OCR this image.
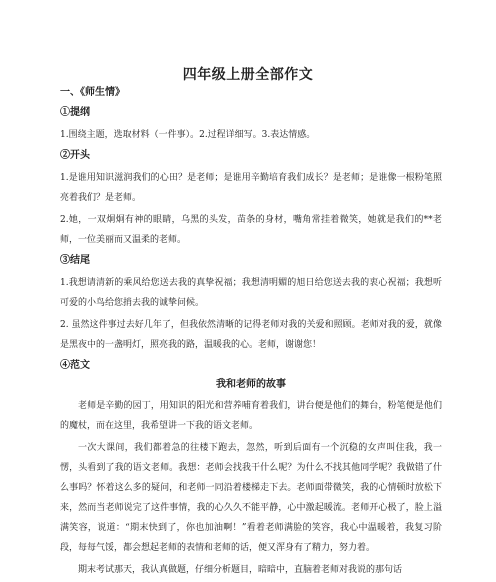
四年级上册全部作文
一、《师生情》
①提纲
1.围绕主题，选取材料（一件事）。2.过程详细写。3.表达情感。
②开头
1.是谁用知识滋润我们的心田？是老师；是谁用辛勤培育我们成长？是老师；是谁像一根粉笔照亮着我们？是老师。
2.她，一双炯炯有神的眼睛，乌黑的头发，苗条的身材，嘴角常挂着微笑，她就是我们的**老师，一位美丽而又温柔的老师。
③结尾
1.我想请清新的乘风给您送去我的真挚祝福；我想清明媚的旭日给您送去我的衷心祝福；我想听可爱的小鸟给您捎去我的诚挚问候。
2. 虽然这件事过去好几年了，但我依然清晰的记得老师对我的关爱和照顾。老师对我的爱，就像是黑夜中的一盏明灯，照亮我的路，温暖我的心。老师，谢谢您！
④范文
我和老师的故事
老师是辛勤的园丁，用知识的阳光和营养哺育着我们，讲台便是他们的舞台，粉笔便是他们的魔杖，而在这里，我希望讲一下我的语文老师。
一次大课间，我们都着急的往楼下跑去，忽然，听到后面有一个沉稳的女声叫住我，我一愣，头看到了我的语文老师。我想：老师会找我干什么呢？为什么不找其他同学呢？我做错了什么事吗？怀着这么多的疑问，和老师一同沿着楼梯走下去。老师面带微笑，我的心情顿时放松下来，然而当老师说完了这件事情，我的心久久不能平静，心中激起暖流。老师开心极了，脸上溢满笑容，说道：“期末快到了，你也加油啊！”看着老师满脸的笑容，我心中温暖着，我复习阶段，每每气馁，都会想起老师的表情和老师的话，便又浑身有了精力，努力着。
期末考试那天，我认真做题，仔细分析题目，暗暗中，直脑着老师对我说的那句话
